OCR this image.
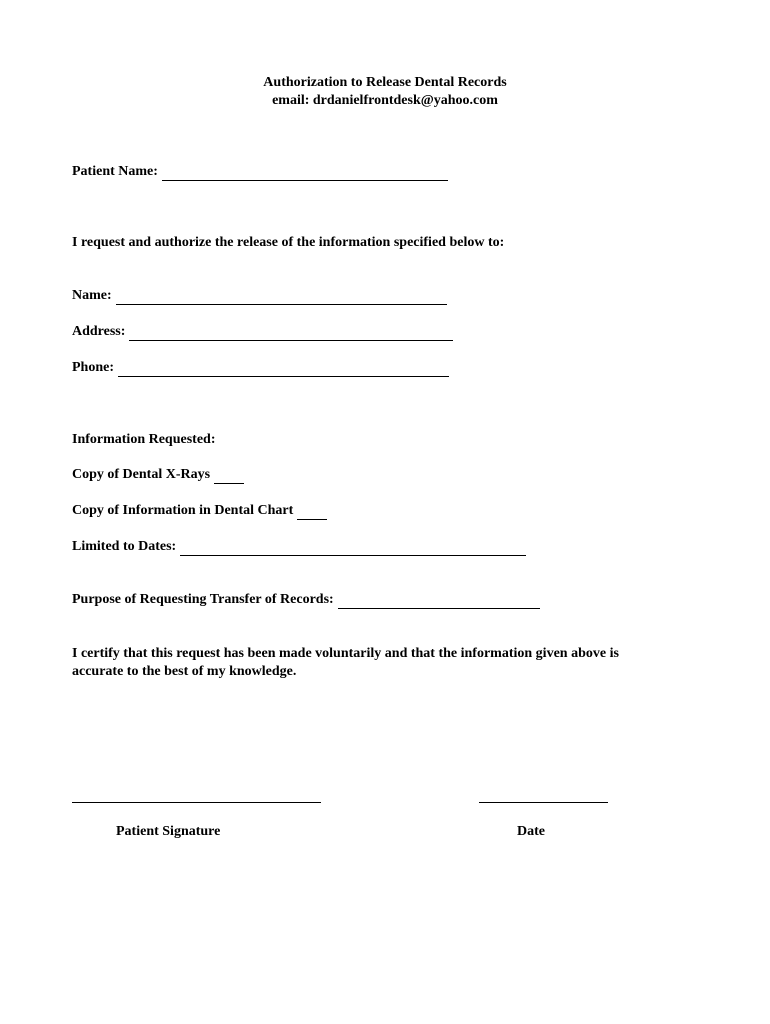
Authorization to Release Dental Records
email: drdanielfrontdesk@yahoo.com
Patient Name:
I request and authorize the release of the information specified below to:
Name:
Address:
Phone:
Information Requested:
Copy of Dental X-Rays
Copy of Information in Dental Chart
Limited to Dates:
Purpose of Requesting Transfer of Records:
I certify that this request has been made voluntarily and that the information given above is accurate to the best of my knowledge.
Patient Signature	Date
